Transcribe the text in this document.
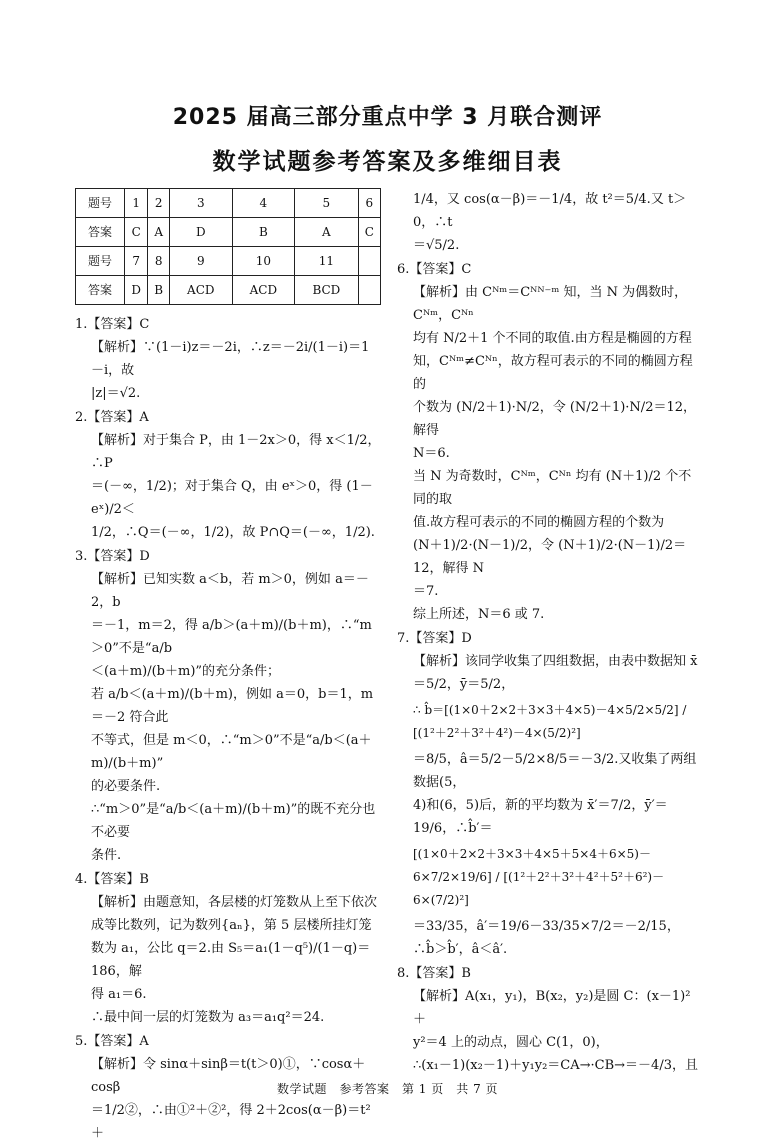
2025 届高三部分重点中学 3 月联合测评
数学试题参考答案及多维细目表
题号	1	2	3	4	5	6
答案	C	A	D	B	A	C
题号	7	8	9	10	11	
答案	D	B	ACD	ACD	BCD	
1.【答案】C
【解析】∵(1－i)z＝－2i，∴z＝－2i/(1－i)＝1－i，故
|z|＝√2.
2.【答案】A
【解析】对于集合 P，由 1－2x＞0，得 x＜1/2，∴P
＝(－∞，1/2)；对于集合 Q，由 eˣ＞0，得 (1－eˣ)/2＜
1/2，∴Q＝(－∞，1/2)，故 P∩Q＝(－∞，1/2).
3.【答案】D
【解析】已知实数 a＜b，若 m＞0，例如 a＝－2，b
＝－1，m＝2，得 a/b＞(a＋m)/(b＋m)，∴“m＞0”不是“a/b
＜(a＋m)/(b＋m)”的充分条件；
若 a/b＜(a＋m)/(b＋m)，例如 a＝0，b＝1，m＝－2 符合此
不等式，但是 m＜0，∴“m＞0”不是“a/b＜(a＋m)/(b＋m)”
的必要条件.
∴“m＞0”是“a/b＜(a＋m)/(b＋m)”的既不充分也不必要
条件.
4.【答案】B
【解析】由题意知，各层楼的灯笼数从上至下依次
成等比数列，记为数列{aₙ}，第 5 层楼所挂灯笼
数为 a₁，公比 q＝2.由 S₅＝a₁(1－q⁵)/(1－q)＝186，解
得 a₁＝6.
∴最中间一层的灯笼数为 a₃＝a₁q²＝24.
5.【答案】A
【解析】令 sinα＋sinβ＝t(t＞0)①，∵cosα＋cosβ
＝1/2②，∴由①²＋②²，得 2＋2cos(α－β)＝t²＋
1/4，又 cos(α－β)＝－1/4，故 t²＝5/4.又 t＞0，∴t
＝√5/2.
6.【答案】C
【解析】由 Cᴺᵐ＝Cᴺᴺ⁻ᵐ 知，当 N 为偶数时，Cᴺᵐ，Cᴺⁿ
均有 N/2＋1 个不同的取值.由方程是椭圆的方程
知，Cᴺᵐ≠Cᴺⁿ，故方程可表示的不同的椭圆方程的
个数为 (N/2＋1)·N/2，令 (N/2＋1)·N/2＝12，解得
N＝6.
当 N 为奇数时，Cᴺᵐ，Cᴺⁿ 均有 (N＋1)/2 个不同的取
值.故方程可表示的不同的椭圆方程的个数为
(N＋1)/2·(N－1)/2，令 (N＋1)/2·(N－1)/2＝12，解得 N
＝7.
综上所述，N＝6 或 7.
7.【答案】D
【解析】该同学收集了四组数据，由表中数据知 x̄
＝5/2，ȳ＝5/2，
∴ b̂＝[(1×0＋2×2＋3×3＋4×5)－4×5/2×5/2] / [(1²＋2²＋3²＋4²)－4×(5/2)²]
＝8/5，â＝5/2－5/2×8/5＝－3/2.又收集了两组数据(5，
4)和(6，5)后，新的平均数为 x̄′＝7/2，ȳ′＝19/6，∴b̂′＝
[(1×0＋2×2＋3×3＋4×5＋5×4＋6×5)－6×7/2×19/6] / [(1²＋2²＋3²＋4²＋5²＋6²)－6×(7/2)²]
＝33/35，â′＝19/6－33/35×7/2＝－2/15，∴b̂＞b̂′，â＜â′.
8.【答案】B
【解析】A(x₁，y₁)，B(x₂，y₂)是圆 C：(x－1)²＋
y²＝4 上的动点，圆心 C(1，0)，
∴(x₁－1)(x₂－1)＋y₁y₂＝CA→·CB→＝－4/3，且
数学试题　参考答案　第 1 页　共 7 页
